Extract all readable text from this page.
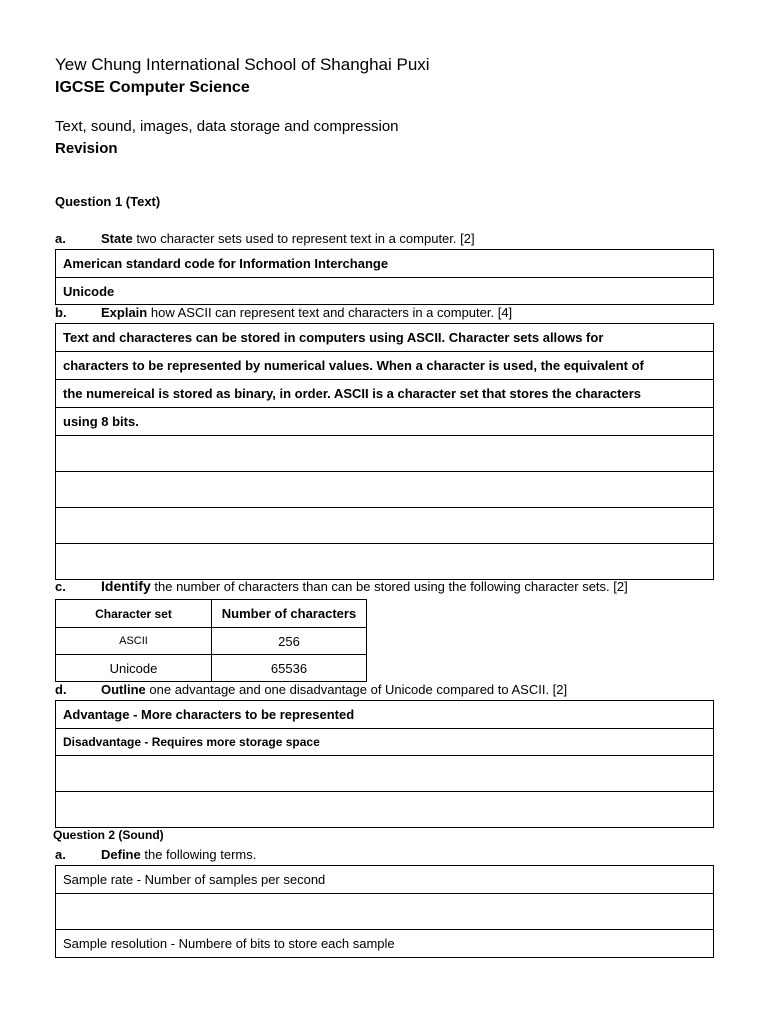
Yew Chung International School of Shanghai Puxi
IGCSE Computer Science
Text, sound, images, data storage and compression
Revision
Question 1 (Text)
a.	State two character sets used to represent text in a computer. [2]
American standard code for Information Interchange
Unicode
b.	Explain how ASCII can represent text and characters in a computer. [4]
Text and characteres can be stored in computers using ASCII. Character sets allows for
characters to be represented by numerical values. When a character is used, the equivalent of
the numereical is stored as binary, in order. ASCII is a character set that stores the characters
using 8 bits.

c.	Identify the number of characters than can be stored using the following character sets. [2]
Character set	Number of characters
ASCII	256
Unicode	65536
d.	Outline one advantage and one disadvantage of Unicode compared to ASCII. [2]
Advantage - More characters to be represented
Disadvantage - Requires more storage space

Question 2 (Sound)
a.	Define the following terms.
Sample rate - Number of samples per second

Sample resolution - Numbere of bits to store each sample
